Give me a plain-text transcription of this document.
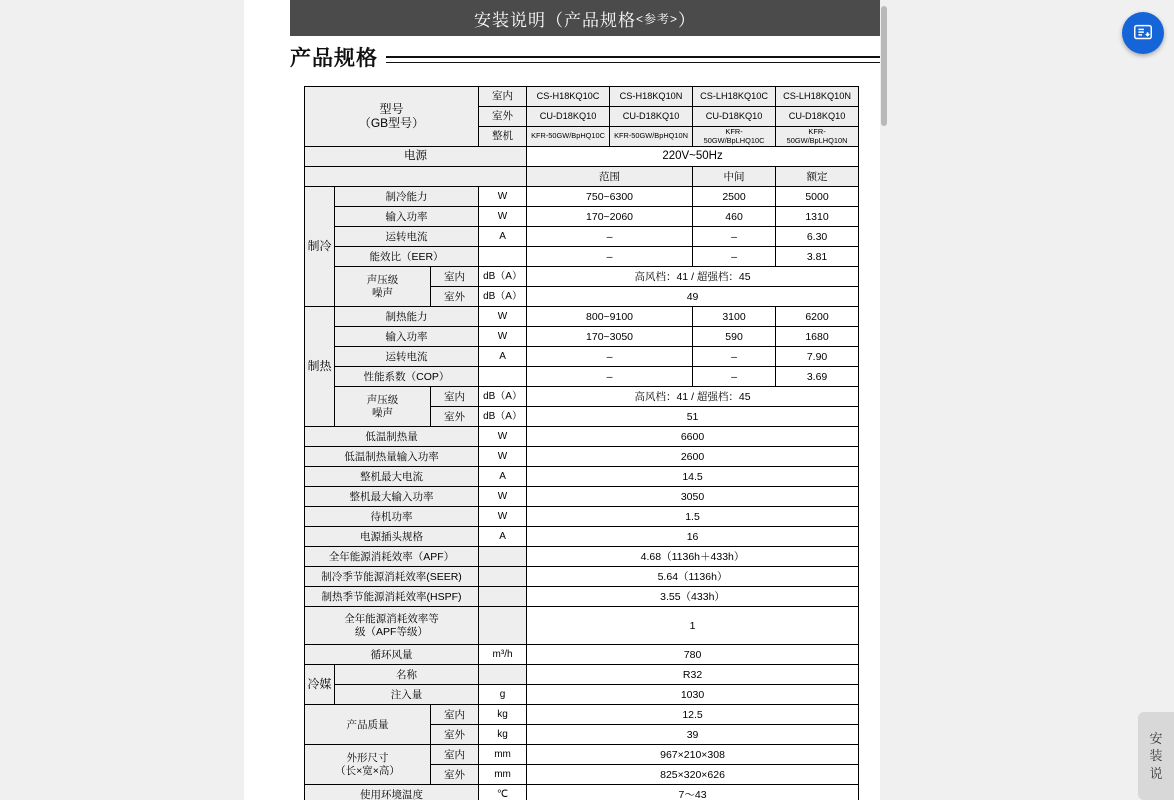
安装说明 （产品规格 <参考> ）
产品规格
型号
（GB型号）			室内	CS-H18KQ10C	CS-H18KQ10N	CS-LH18KQ10C	CS-LH18KQ10N
			室外	CU-D18KQ10	CU-D18KQ10	CU-D18KQ10	CU-D18KQ10
			整机	KFR-50GW/BpHQ10C	KFR-50GW/BpHQ10N	KFR-50GW/BpLHQ10C	KFR-50GW/BpLHQ10N
电源				220V~50Hz			
				范围		中间	额定
制冷	制冷能力		W	750~6300		2500	5000
	输入功率		W	170~2060		460	1310
	运转电流		A	–		–	6.30
	能效比（EER）			–		–	3.81

	声压级
噪声	室内	dB（A）	高风档：41 / 超强档：45			
		室外	dB（A）	49			
制热	制热能力		W	800~9100		3100	6200
	输入功率		W	170~3050		590	1680
	运转电流		A	–		–	7.90
	性能系数（COP）			–		–	3.69

	声压级
噪声	室内	dB（A）	高风档：41 / 超强档：45			
		室外	dB（A）	51			
低温制热量			W	6600			
低温制热量输入功率			W	2600			
整机最大电流			A	14.5			
整机最大输入功率			W	3050			
待机功率			W	1.5			
电源插头规格			A	16			
全年能源消耗效率（APF）				4.68（1136h＋433h）			
制冷季节能源消耗效率(SEER)				5.64（1136h）			
制热季节能源消耗效率(HSPF)				3.55（433h）			

全年能源消耗效率等
级（APF等级）				1			
循环风量			m³/h	780			
冷媒	名称			R32			
	注入量		g	1030			
产品质量		室内	kg	12.5			
		室外	kg	39			

外形尺寸
（长×宽×高）		室内	mm	967×210×308			
		室外	mm	825×320×626			
使用环境温度			℃	7～43			
安
装
说
